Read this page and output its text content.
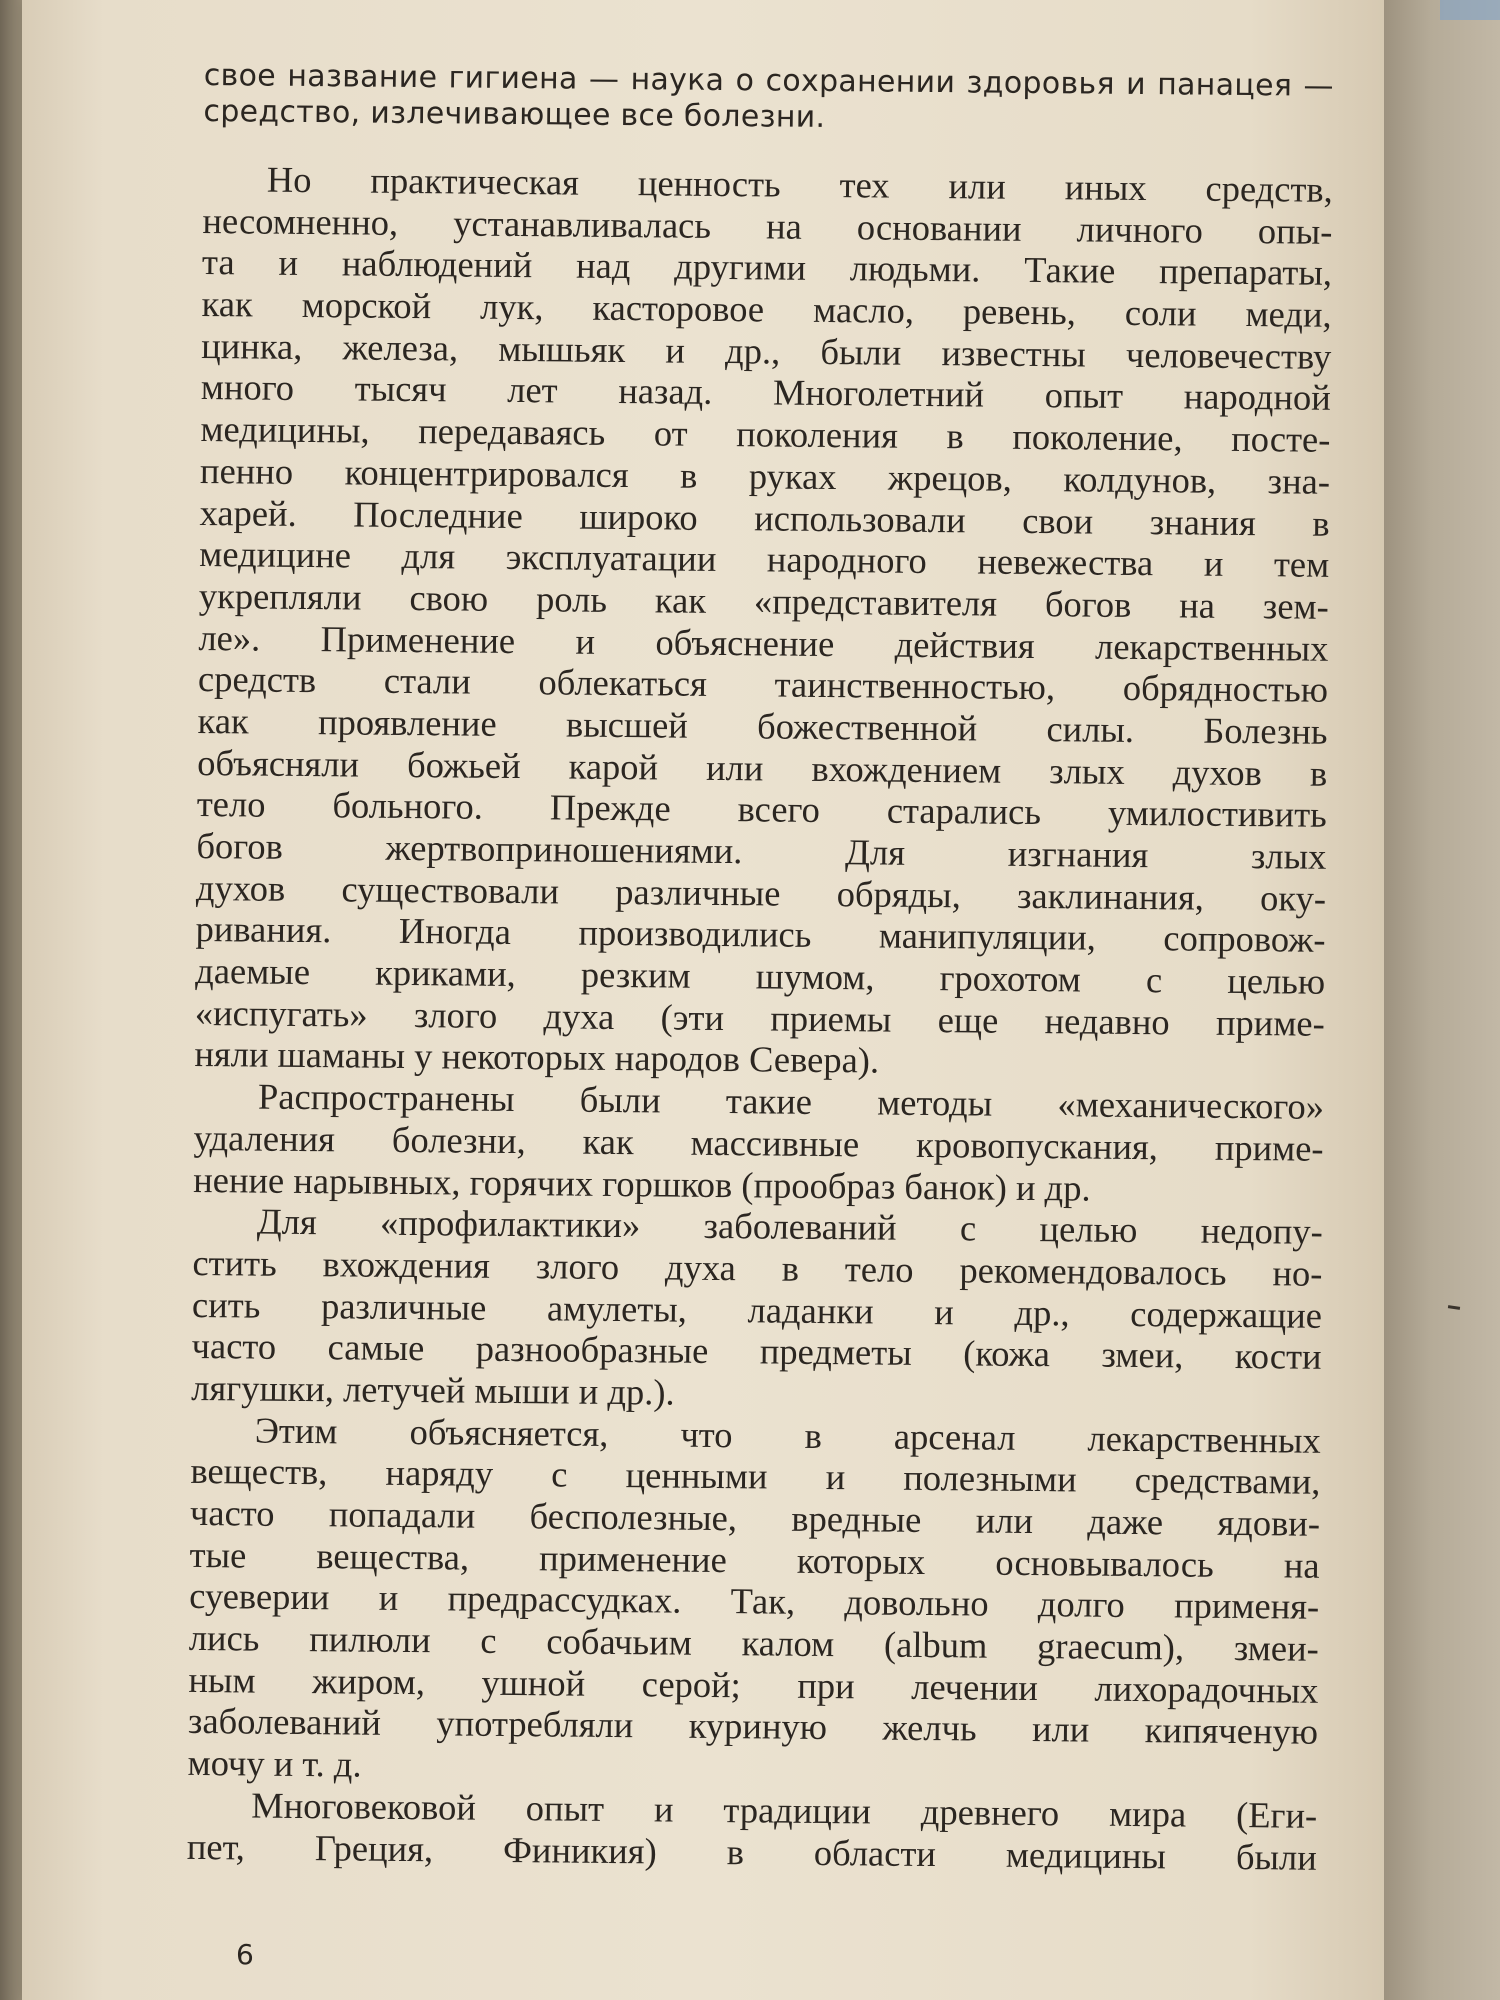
свое название гигиена — наука о сохранении здоровья и панацея —
средство, излечивающее все болезни.
Но практическая ценность тех или иных средств,
несомненно, устанавливалась на основании личного опы-
та и наблюдений над другими людьми. Такие препараты,
как морской лук, касторовое масло, ревень, соли меди,
цинка, железа, мышьяк и др., были известны человечеству
много тысяч лет назад. Многолетний опыт народной
медицины, передаваясь от поколения в поколение, посте-
пенно концентрировался в руках жрецов, колдунов, зна-
харей. Последние широко использовали свои знания в
медицине для эксплуатации народного невежества и тем
укрепляли свою роль как «представителя богов на зем-
ле». Применение и объяснение действия лекарственных
средств стали облекаться таинственностью, обрядностью
как проявление высшей божественной силы. Болезнь
объясняли божьей карой или вхождением злых духов в
тело больного. Прежде всего старались умилостивить
богов жертвоприношениями. Для изгнания злых
духов существовали различные обряды, заклинания, оку-
ривания. Иногда производились манипуляции, сопровож-
даемые криками, резким шумом, грохотом с целью
«испугать» злого духа (эти приемы еще недавно приме-
няли шаманы у некоторых народов Севера).
Распространены были такие методы «механического»
удаления болезни, как массивные кровопускания, приме-
нение нарывных, горячих горшков (прообраз банок) и др.
Для «профилактики» заболеваний с целью недопу-
стить вхождения злого духа в тело рекомендовалось но-
сить различные амулеты, ладанки и др., содержащие
часто самые разнообразные предметы (кожа змеи, кости
лягушки, летучей мыши и др.).
Этим объясняется, что в арсенал лекарственных
веществ, наряду с ценными и полезными средствами,
часто попадали бесполезные, вредные или даже ядови-
тые вещества, применение которых основывалось на
суеверии и предрассудках. Так, довольно долго применя-
лись пилюли с собачьим калом (album graecum), змеи-
ным жиром, ушной серой; при лечении лихорадочных
заболеваний употребляли куриную желчь или кипяченую
мочу и т. д.
Многовековой опыт и традиции древнего мира (Еги-
пет, Греция, Финикия) в области медицины были
6
